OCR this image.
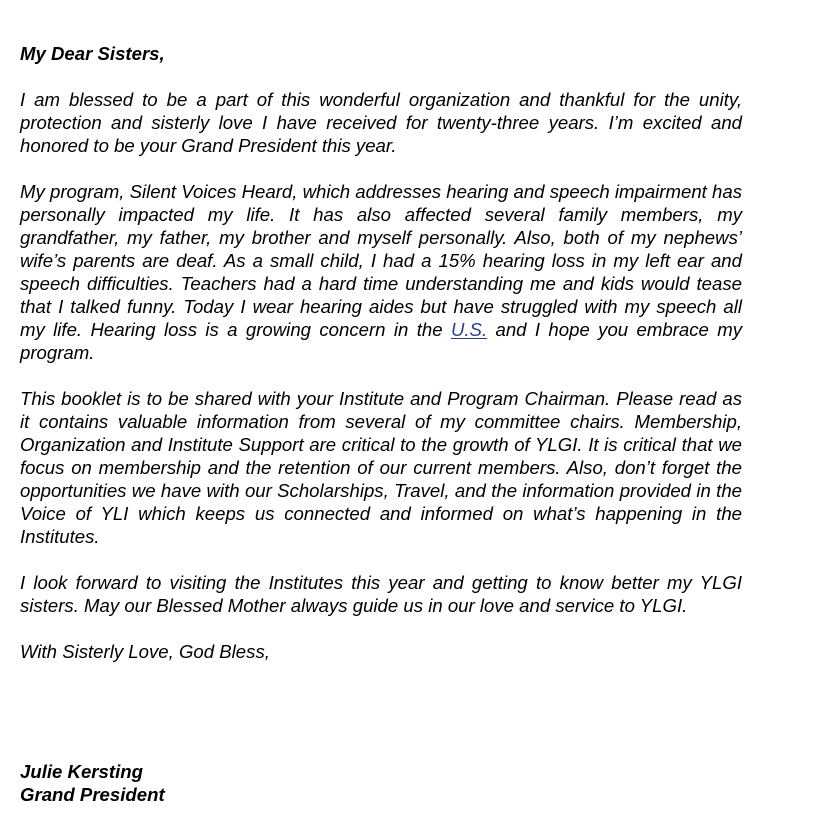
My Dear Sisters,

I am blessed to be a part of this wonderful organization and thankful for the unity, protection and sisterly love I have received for twenty-three years. I’m excited and honored to be your Grand President this year.

My program, Silent Voices Heard, which addresses hearing and speech impairment has personally impacted my life. It has also affected several family members, my grandfather, my father, my brother and myself personally. Also, both of my nephews’ wife’s parents are deaf. As a small child, I had a 15% hearing loss in my left ear and speech difficulties. Teachers had a hard time understanding me and kids would tease that I talked funny. Today I wear hearing aides but have struggled with my speech all my life. Hearing loss is a growing concern in the U.S. and I hope you embrace my program.

This booklet is to be shared with your Institute and Program Chairman. Please read as it contains valuable information from several of my committee chairs. Membership, Organization and Institute Support are critical to the growth of YLGI. It is critical that we focus on membership and the retention of our current members. Also, don’t forget the opportunities we have with our Scholarships, Travel, and the information provided in the Voice of YLI which keeps us connected and informed on what’s happening in the Institutes.

I look forward to visiting the Institutes this year and getting to know better my YLGI sisters. May our Blessed Mother always guide us in our love and service to YLGI.

With Sisterly Love, God Bless,

Julie Kersting
Grand President
